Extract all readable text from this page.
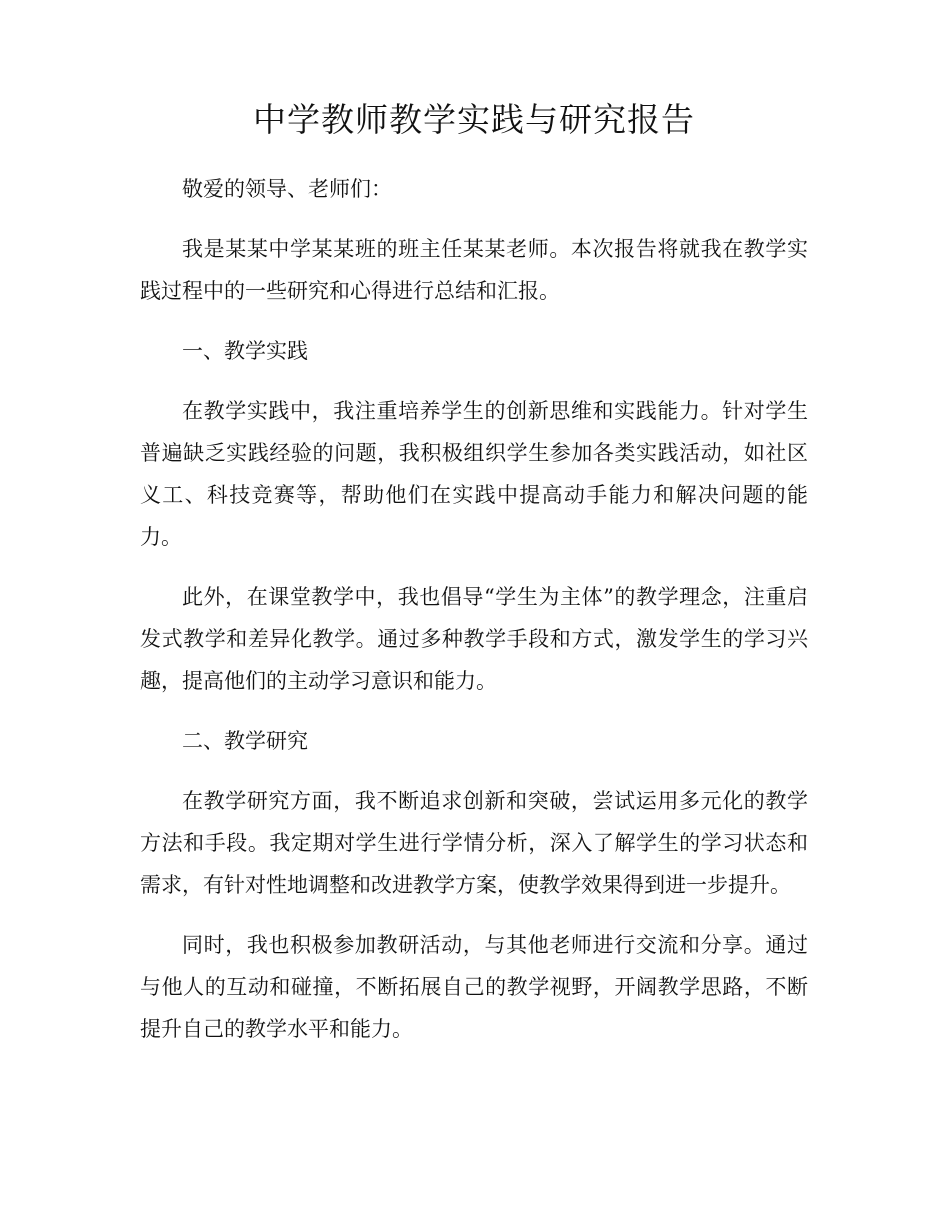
中学教师教学实践与研究报告

敬爱的领导、老师们：

我是某某中学某某班的班主任某某老师。本次报告将就我在教学实践过程中的一些研究和心得进行总结和汇报。

一、教学实践

在教学实践中，我注重培养学生的创新思维和实践能力。针对学生普遍缺乏实践经验的问题，我积极组织学生参加各类实践活动，如社区义工、科技竞赛等，帮助他们在实践中提高动手能力和解决问题的能力。

此外，在课堂教学中，我也倡导“学生为主体”的教学理念，注重启发式教学和差异化教学。通过多种教学手段和方式，激发学生的学习兴趣，提高他们的主动学习意识和能力。

二、教学研究

在教学研究方面，我不断追求创新和突破，尝试运用多元化的教学方法和手段。我定期对学生进行学情分析，深入了解学生的学习状态和需求，有针对性地调整和改进教学方案，使教学效果得到进一步提升。

同时，我也积极参加教研活动，与其他老师进行交流和分享。通过与他人的互动和碰撞，不断拓展自己的教学视野，开阔教学思路，不断提升自己的教学水平和能力。
